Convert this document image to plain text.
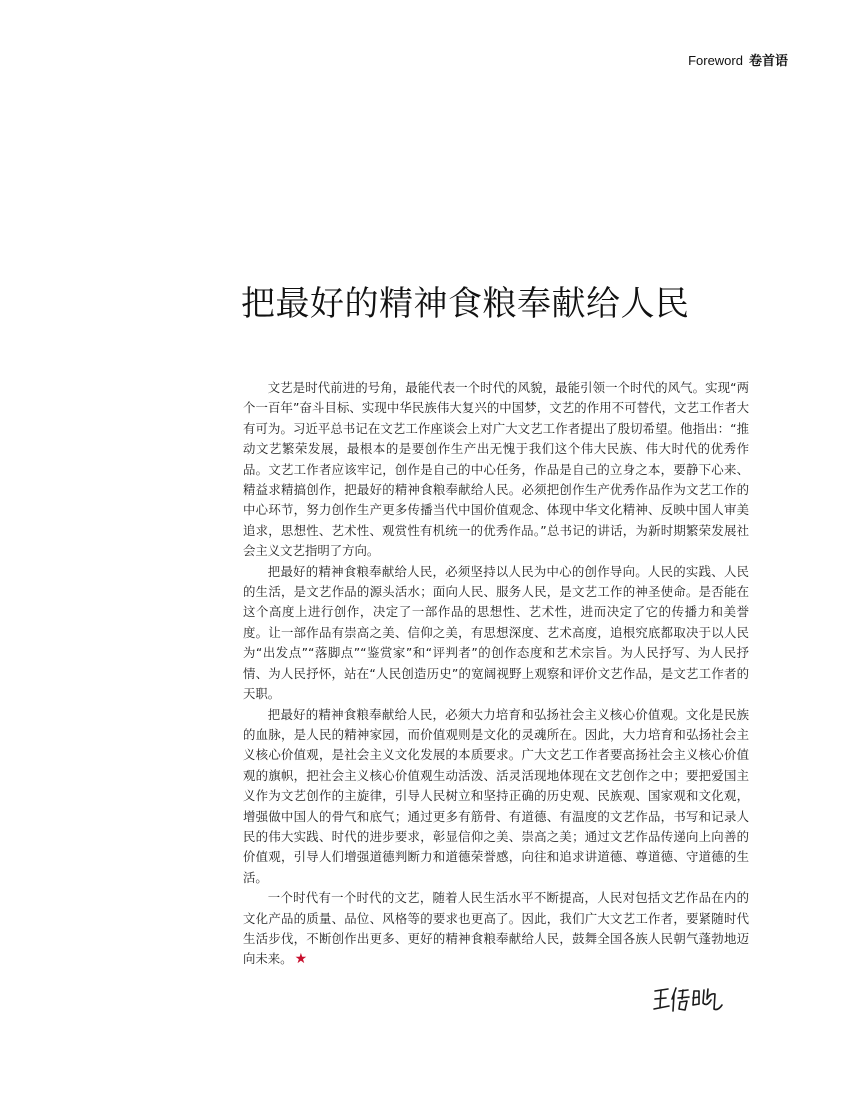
Foreword 卷首语
把最好的精神食粮奉献给人民

文艺是时代前进的号角，最能代表一个时代的风貌，最能引领一个时代的风气。实现“两个一百年”奋斗目标、实现中华民族伟大复兴的中国梦，文艺的作用不可替代，文艺工作者大有可为。习近平总书记在文艺工作座谈会上对广大文艺工作者提出了殷切希望。他指出：“推动文艺繁荣发展，最根本的是要创作生产出无愧于我们这个伟大民族、伟大时代的优秀作品。文艺工作者应该牢记，创作是自己的中心任务，作品是自己的立身之本，要静下心来、精益求精搞创作，把最好的精神食粮奉献给人民。必须把创作生产优秀作品作为文艺工作的中心环节，努力创作生产更多传播当代中国价值观念、体现中华文化精神、反映中国人审美追求，思想性、艺术性、观赏性有机统一的优秀作品。”总书记的讲话，为新时期繁荣发展社会主义文艺指明了方向。

把最好的精神食粮奉献给人民，必须坚持以人民为中心的创作导向。人民的实践、人民的生活，是文艺作品的源头活水；面向人民、服务人民，是文艺工作的神圣使命。是否能在这个高度上进行创作，决定了一部作品的思想性、艺术性，进而决定了它的传播力和美誉度。让一部作品有崇高之美、信仰之美，有思想深度、艺术高度，追根究底都取决于以人民为“出发点”“落脚点”“鉴赏家”和“评判者”的创作态度和艺术宗旨。为人民抒写、为人民抒情、为人民抒怀，站在“人民创造历史”的宽阔视野上观察和评价文艺作品，是文艺工作者的天职。

把最好的精神食粮奉献给人民，必须大力培育和弘扬社会主义核心价值观。文化是民族的血脉，是人民的精神家园，而价值观则是文化的灵魂所在。因此，大力培育和弘扬社会主义核心价值观，是社会主义文化发展的本质要求。广大文艺工作者要高扬社会主义核心价值观的旗帜，把社会主义核心价值观生动活泼、活灵活现地体现在文艺创作之中；要把爱国主义作为文艺创作的主旋律，引导人民树立和坚持正确的历史观、民族观、国家观和文化观，增强做中国人的骨气和底气；通过更多有筋骨、有道德、有温度的文艺作品，书写和记录人民的伟大实践、时代的进步要求，彰显信仰之美、崇高之美；通过文艺作品传递向上向善的价值观，引导人们增强道德判断力和道德荣誉感，向往和追求讲道德、尊道德、守道德的生活。

一个时代有一个时代的文艺，随着人民生活水平不断提高，人民对包括文艺作品在内的文化产品的质量、品位、风格等的要求也更高了。因此，我们广大文艺工作者，要紧随时代生活步伐，不断创作出更多、更好的精神食粮奉献给人民，鼓舞全国各族人民朝气蓬勃地迈向未来。 ★
